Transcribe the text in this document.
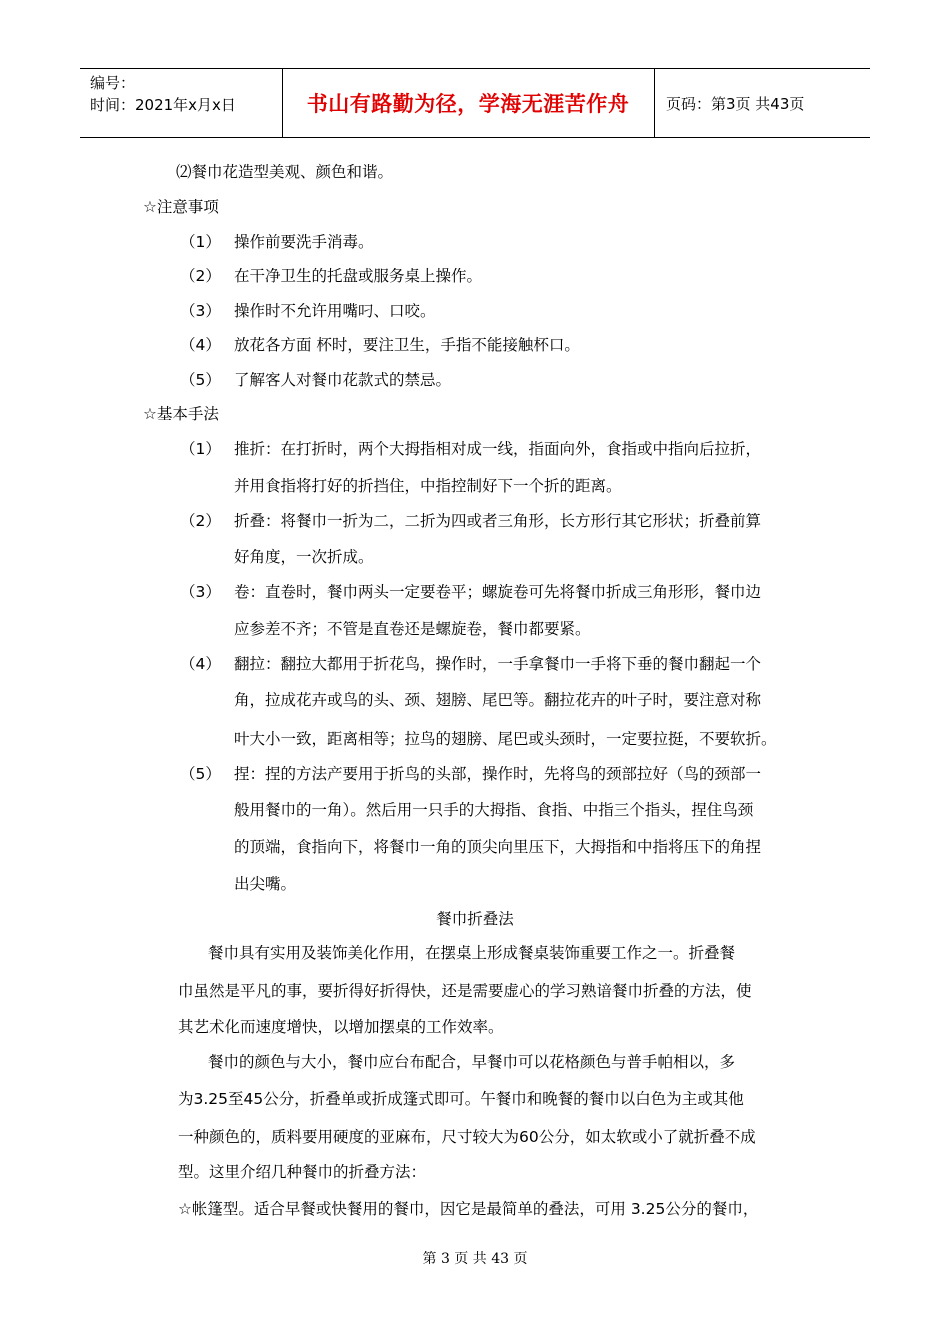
编号：
时间：2021年x月x日	书山有路勤为径，学海无涯苦作舟	页码：第3页 共43页
⑵餐巾花造型美观、颜色和谐。
☆注意事项
（1） 操作前要洗手消毒。
（2） 在干净卫生的托盘或服务桌上操作。
（3） 操作时不允许用嘴叼、口咬。
（4） 放花各方面 杯时，要注卫生，手指不能接触杯口。
（5） 了解客人对餐巾花款式的禁忌。
☆基本手法
（1） 推折：在打折时，两个大拇指相对成一线，指面向外，食指或中指向后拉折，
并用食指将打好的折挡住，中指控制好下一个折的距离。
（2） 折叠：将餐巾一折为二，二折为四或者三角形，长方形行其它形状；折叠前算
好角度，一次折成。
（3） 卷：直卷时，餐巾两头一定要卷平；螺旋卷可先将餐巾折成三角形形，餐巾边
应参差不齐；不管是直卷还是螺旋卷，餐巾都要紧。
（4） 翻拉：翻拉大都用于折花鸟，操作时，一手拿餐巾一手将下垂的餐巾翻起一个
角，拉成花卉或鸟的头、颈、翅膀、尾巴等。翻拉花卉的叶子时，要注意对称
叶大小一致，距离相等；拉鸟的翅膀、尾巴或头颈时，一定要拉挺，不要软折。
（5） 捏：捏的方法产要用于折鸟的头部，操作时，先将鸟的颈部拉好（鸟的颈部一
般用餐巾的一角）。然后用一只手的大拇指、食指、中指三个指头，捏住鸟颈
的顶端，食指向下，将餐巾一角的顶尖向里压下，大拇指和中指将压下的角捏
出尖嘴。
餐巾折叠法
餐巾具有实用及装饰美化作用，在摆桌上形成餐桌装饰重要工作之一。折叠餐
巾虽然是平凡的事，要折得好折得快，还是需要虚心的学习熟谙餐巾折叠的方法，使
其艺术化而速度增快，以增加摆桌的工作效率。
餐巾的颜色与大小，餐巾应台布配合，早餐巾可以花格颜色与普手帕相以，多
为3.25至45公分，折叠单或折成篷式即可。午餐巾和晚餐的餐巾以白色为主或其他
一种颜色的，质料要用硬度的亚麻布，尺寸较大为60公分，如太软或小了就折叠不成
型。这里介绍几种餐巾的折叠方法：
☆帐篷型。适合早餐或快餐用的餐巾，因它是最简单的叠法，可用 3.25公分的餐巾，
第 3 页 共 43 页
